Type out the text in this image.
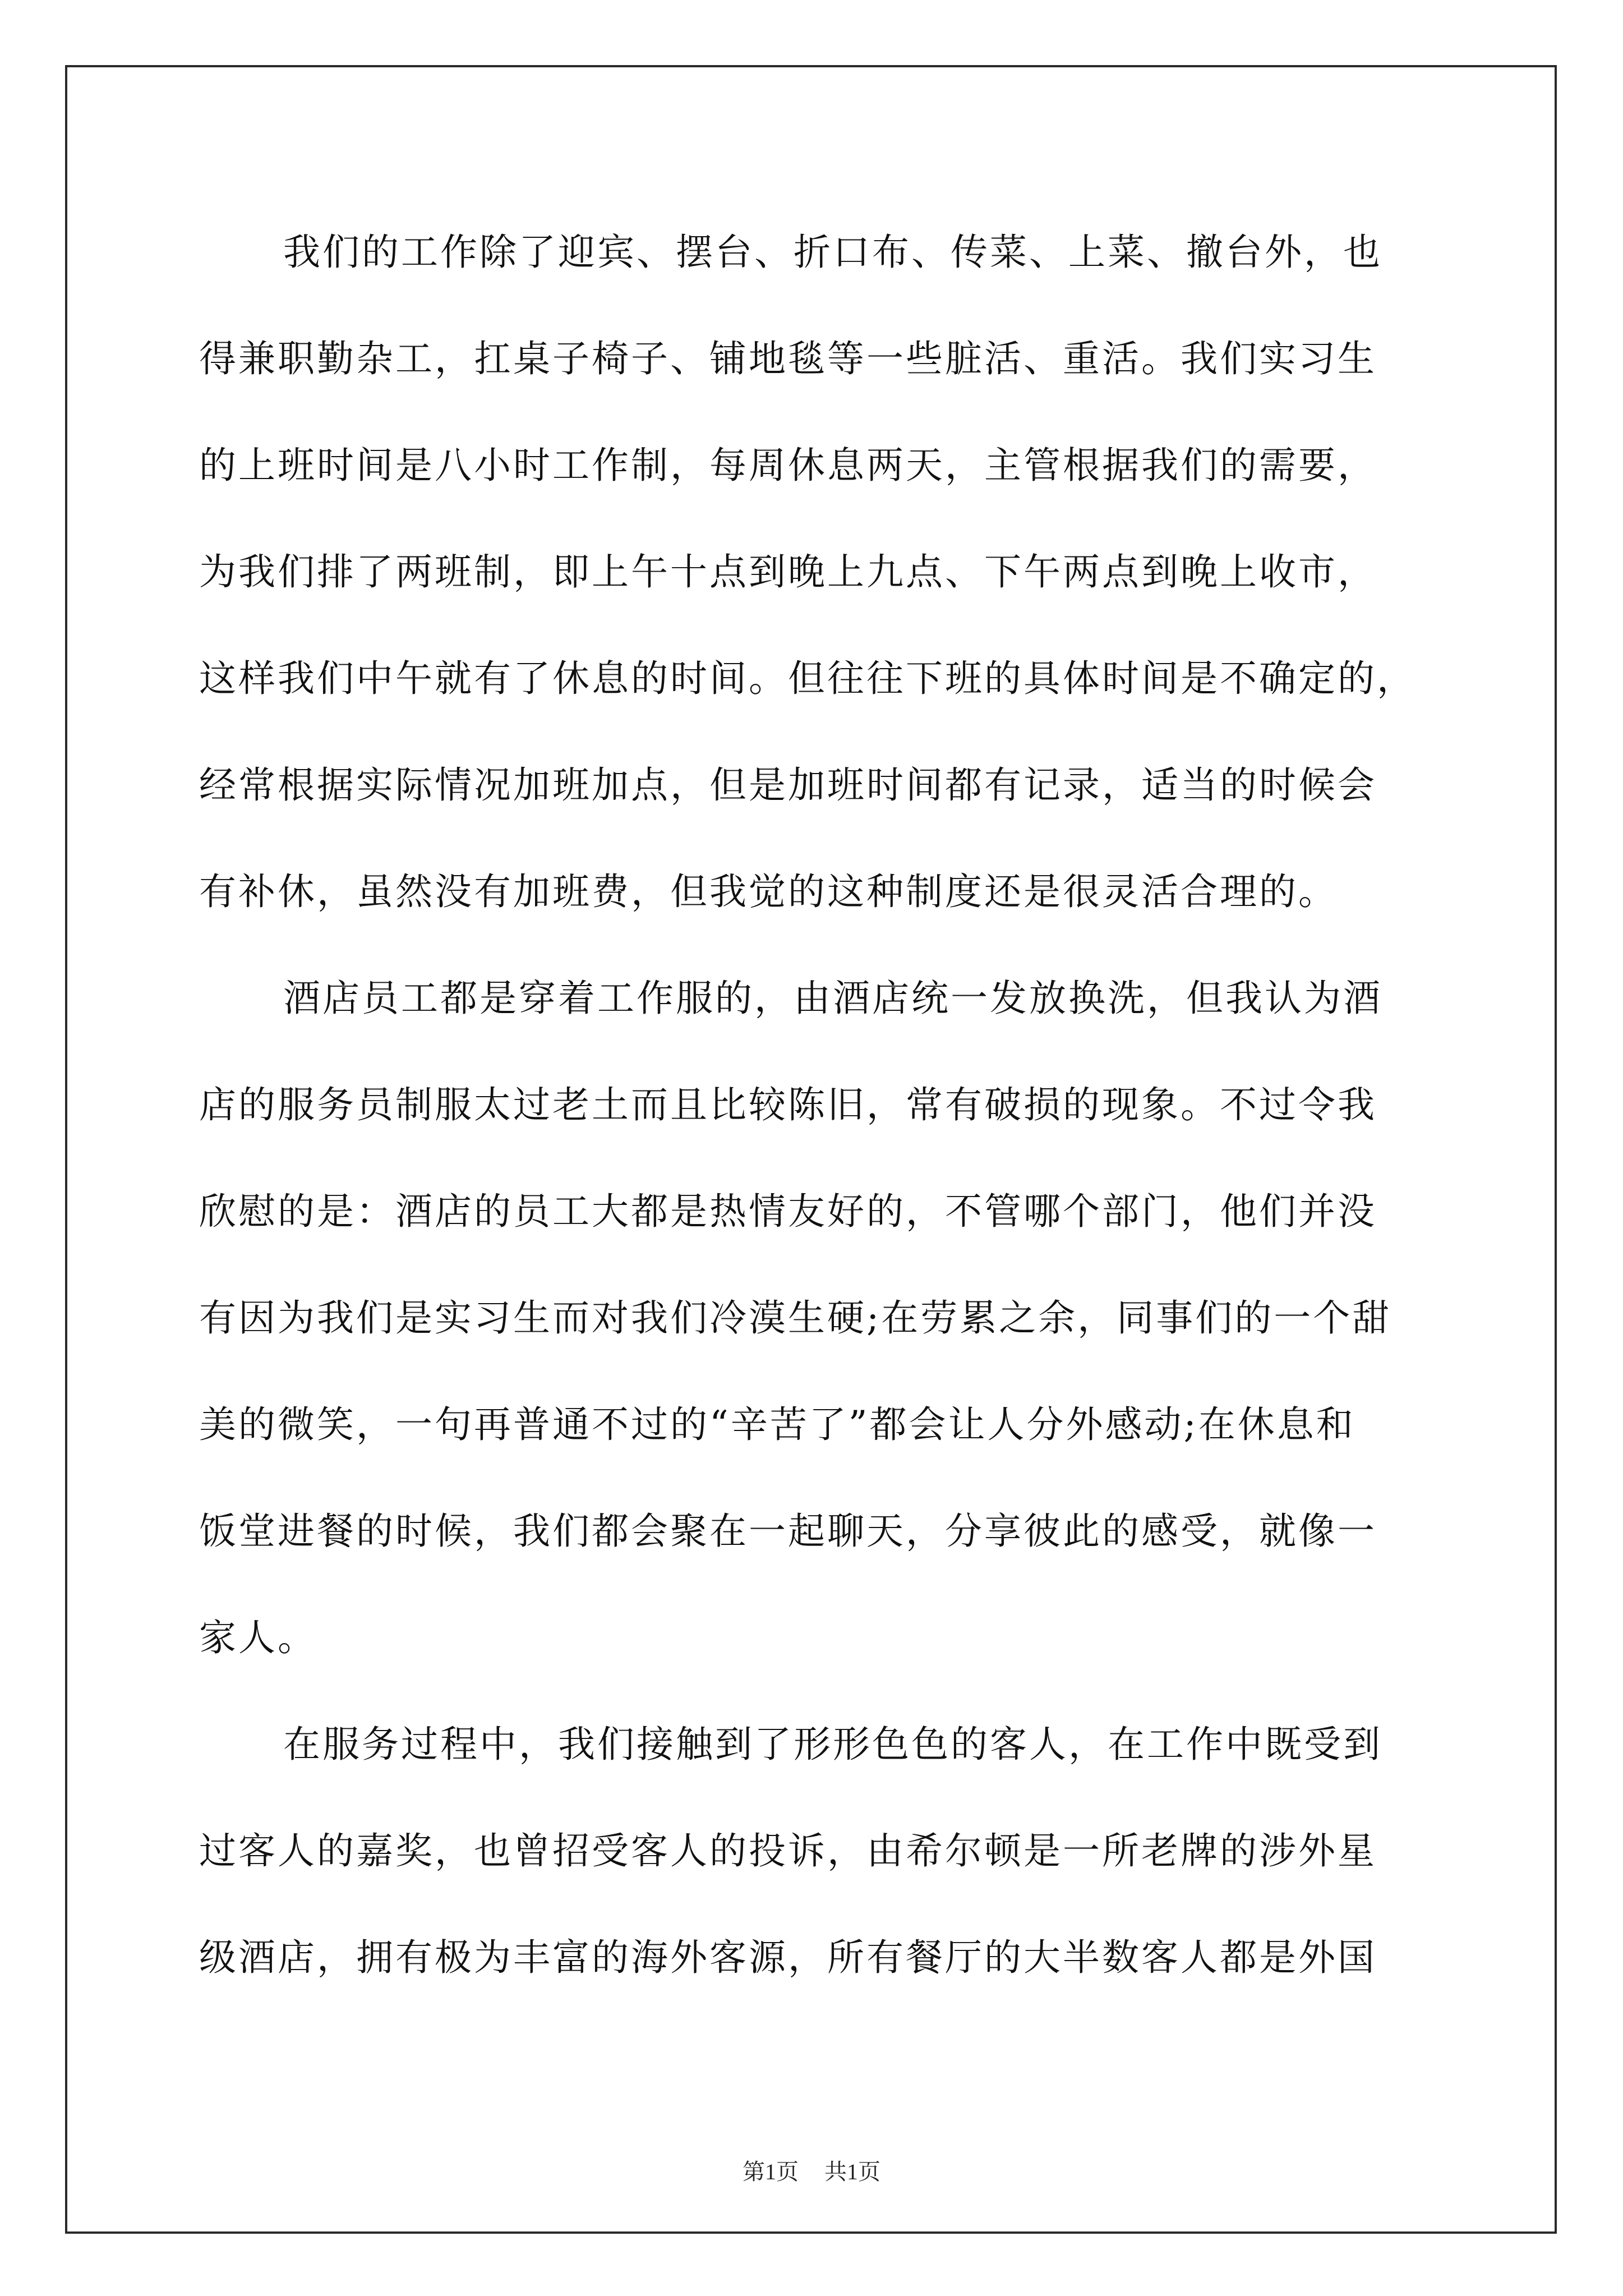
我们的工作除了迎宾、摆台、折口布、传菜、上菜、撤台外，也
得兼职勤杂工，扛桌子椅子、铺地毯等一些脏活、重活。我们实习生
的上班时间是八小时工作制，每周休息两天，主管根据我们的需要，
为我们排了两班制，即上午十点到晚上九点、下午两点到晚上收市，
这样我们中午就有了休息的时间。但往往下班的具体时间是不确定的，
经常根据实际情况加班加点，但是加班时间都有记录，适当的时候会
有补休，虽然没有加班费，但我觉的这种制度还是很灵活合理的。
酒店员工都是穿着工作服的，由酒店统一发放换洗，但我认为酒
店的服务员制服太过老土而且比较陈旧，常有破损的现象。不过令我
欣慰的是：酒店的员工大都是热情友好的，不管哪个部门，他们并没
有因为我们是实习生而对我们冷漠生硬;在劳累之余，同事们的一个甜
美的微笑，一句再普通不过的“辛苦了”都会让人分外感动;在休息和
饭堂进餐的时候，我们都会聚在一起聊天，分享彼此的感受，就像一
家人。
在服务过程中，我们接触到了形形色色的客人，在工作中既受到
过客人的嘉奖，也曾招受客人的投诉，由希尔顿是一所老牌的涉外星
级酒店，拥有极为丰富的海外客源，所有餐厅的大半数客人都是外国
第1页 共1页
